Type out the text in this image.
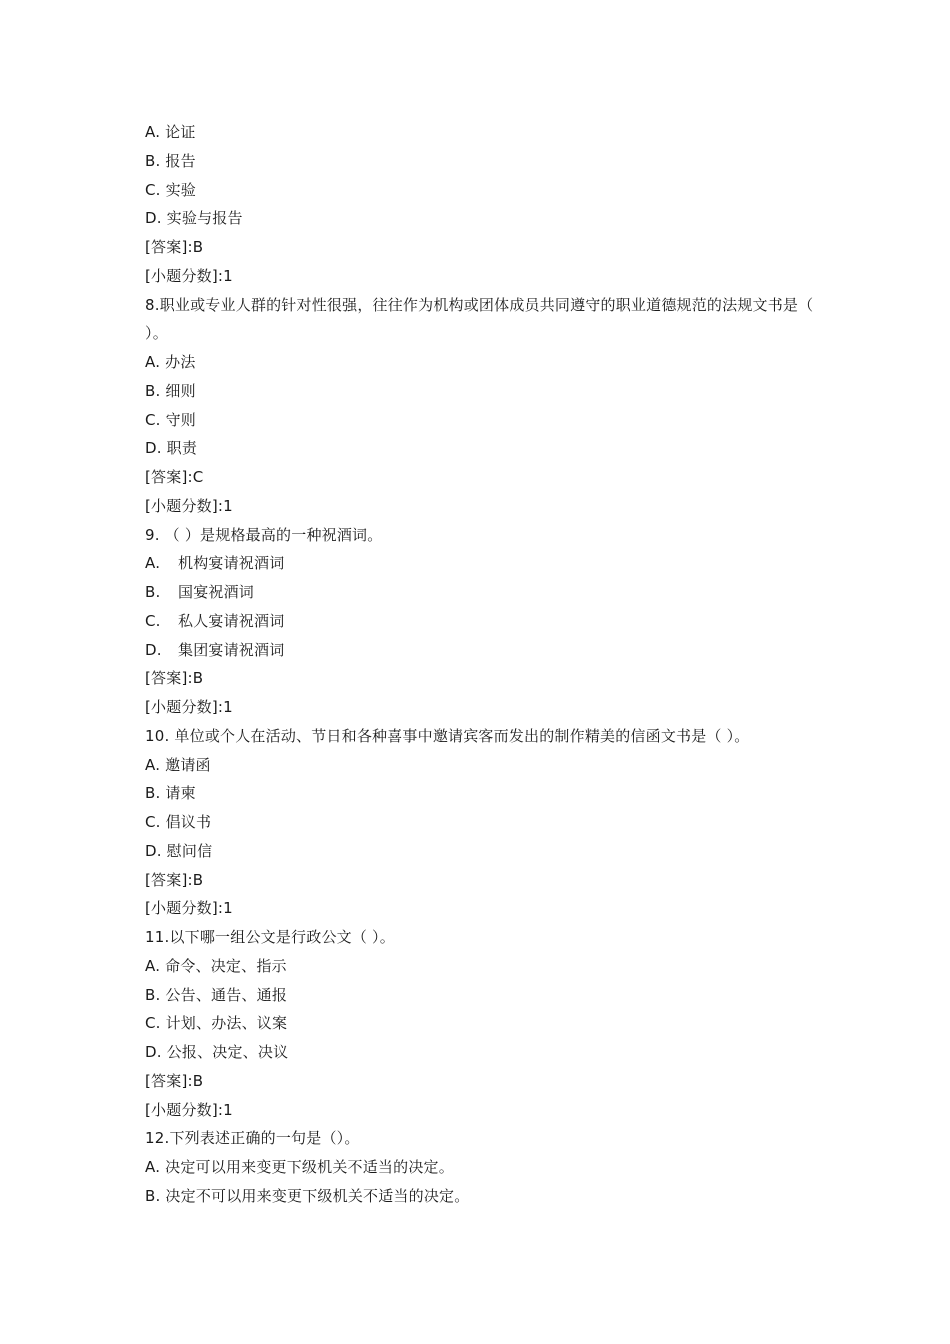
A. 论证
B. 报告
C. 实验
D. 实验与报告
[答案]:B
[小题分数]:1
8.职业或专业人群的针对性很强，往往作为机构或团体成员共同遵守的职业道德规范的法规文书是（ ）。
A. 办法
B. 细则
C. 守则
D. 职责
[答案]:C
[小题分数]:1
9. （ ）是规格最高的一种祝酒词。
A. 机构宴请祝酒词
B. 国宴祝酒词
C. 私人宴请祝酒词
D. 集团宴请祝酒词
[答案]:B
[小题分数]:1
10. 单位或个人在活动、节日和各种喜事中邀请宾客而发出的制作精美的信函文书是（ ）。
A. 邀请函
B. 请柬
C. 倡议书
D. 慰问信
[答案]:B
[小题分数]:1
11.以下哪一组公文是行政公文（ ）。
A. 命令、决定、指示
B. 公告、通告、通报
C. 计划、办法、议案
D. 公报、决定、决议
[答案]:B
[小题分数]:1
12.下列表述正确的一句是（）。
A. 决定可以用来变更下级机关不适当的决定。
B. 决定不可以用来变更下级机关不适当的决定。
